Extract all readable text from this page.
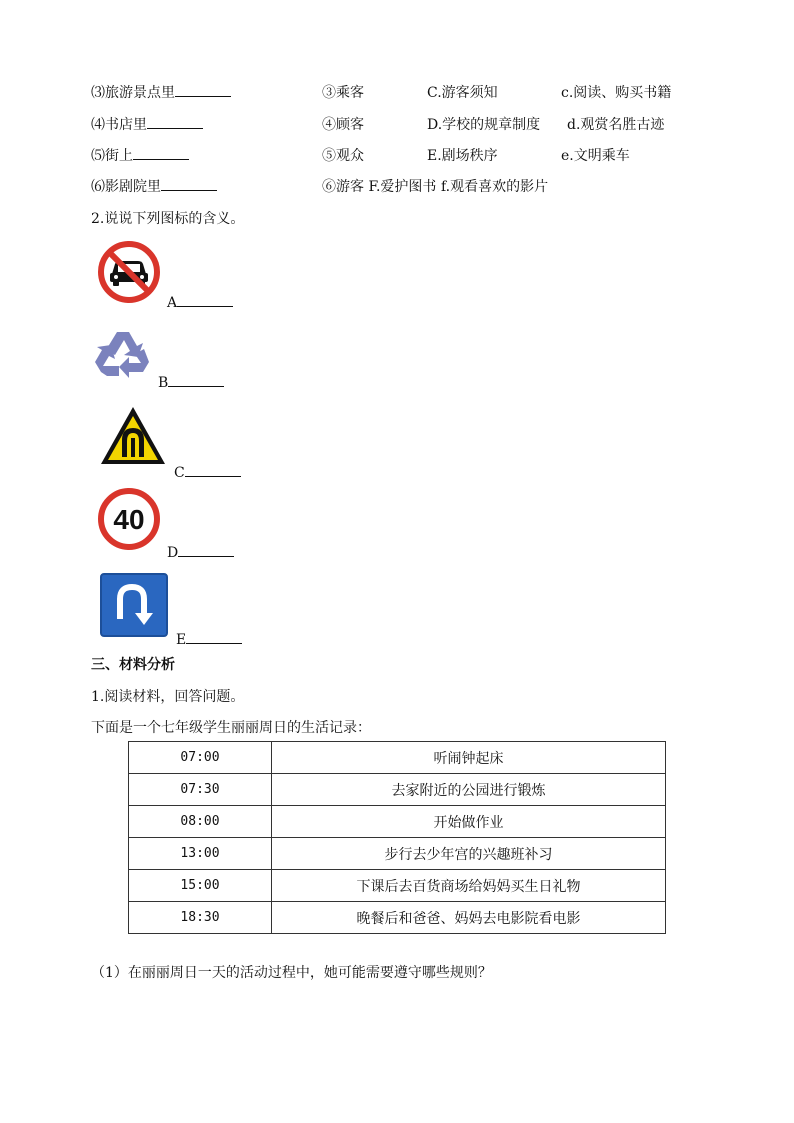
⑶旅游景点里	③乘客	C.游客须知	c.阅读、购买书籍
⑷书店里	④顾客	D.学校的规章制度 d.观赏名胜古迹
⑸街上	⑤观众	E.剧场秩序	e.文明乘车
⑹影剧院里	⑥游客 F.爱护图书 f.观看喜欢的影片
2.说说下列图标的含义。
A
B
C
40
D
E
三、材料分析
1.阅读材料，回答问题。
下面是一个七年级学生丽丽周日的生活记录：
07:00	听闹钟起床
07:30	去家附近的公园进行锻炼
08:00	开始做作业
13:00	步行去少年宫的兴趣班补习
15:00	下课后去百货商场给妈妈买生日礼物
18:30	晚餐后和爸爸、妈妈去电影院看电影
（1）在丽丽周日一天的活动过程中，她可能需要遵守哪些规则？
